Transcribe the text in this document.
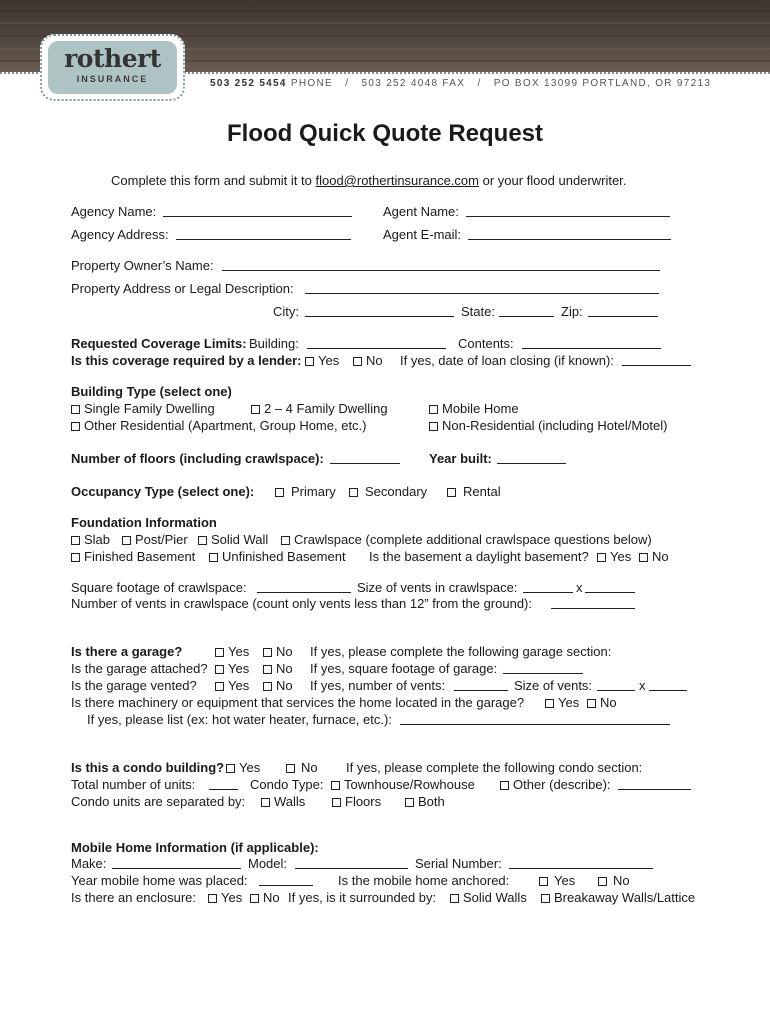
rothert
INSURANCE	503 252 5454 PHONE / 503 252 4048 FAX / PO BOX 13099 PORTLAND, OR 97213
Flood Quick Quote Request
Complete this form and submit it to flood@rothertinsurance.com or your flood underwriter.
Agency Name:	Agent Name:
Agency Address:	Agent E-mail:
Property Owner’s Name:
Property Address or Legal Description:
City:	State:	Zip:
Requested Coverage Limits: Building:	Contents:
Is this coverage required by a lender:	Yes	No If yes, date of loan closing (if known):
Building Type (select one)
Single Family Dwelling	2 – 4 Family Dwelling	Mobile Home
Other Residential (Apartment, Group Home, etc.)	Non-Residential (including Hotel/Motel)
Number of floors (including crawlspace):	Year built:
Occupancy Type (select one):	Primary	Secondary	Rental
Foundation Information
Slab	Post/Pier	Solid Wall	Crawlspace (complete additional crawlspace questions below)
Finished Basement	Unfinished Basement Is the basement a daylight basement?	Yes	No
Square footage of crawlspace:	Size of vents in crawlspace:	x
Number of vents in crawlspace (count only vents less than 12” from the ground):
Is there a garage?	Yes	No If yes, please complete the following garage section:
Is the garage attached?	Yes	No If yes, square footage of garage:
Is the garage vented?	Yes	No If yes, number of vents:	Size of vents:	x
Is there machinery or equipment that services the home located in the garage?	Yes	No
If yes, please list (ex: hot water heater, furnace, etc.):
Is this a condo building?	Yes	No If yes, please complete the following condo section:
Total number of units:	Condo Type:	Townhouse/Rowhouse	Other (describe):
Condo units are separated by:	Walls	Floors	Both
Mobile Home Information (if applicable):
Make:	Model:	Serial Number:
Year mobile home was placed:	Is the mobile home anchored:	Yes	No
Is there an enclosure:	Yes	No If yes, is it surrounded by:	Solid Walls	Breakaway Walls/Lattice
